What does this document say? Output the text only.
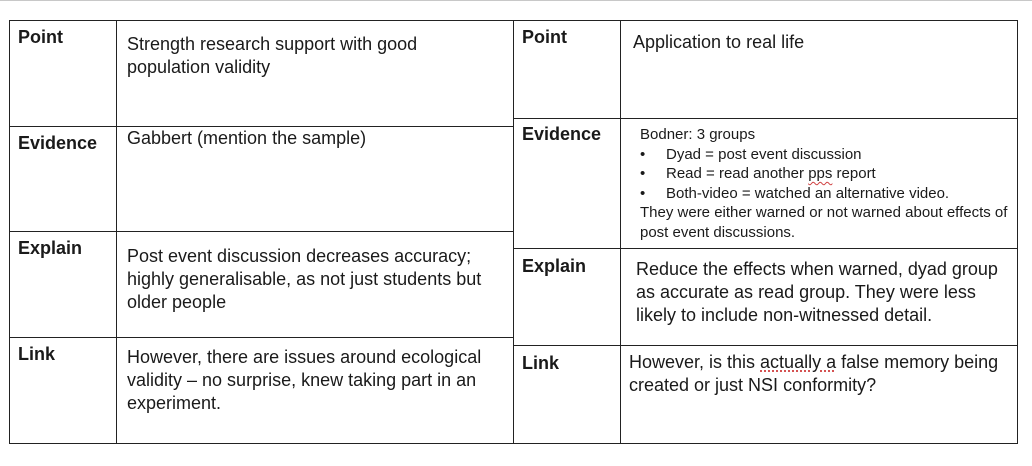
Point	Strength research support with good population validity
Evidence Gabbert (mention the sample)
Explain Post event discussion decreases accuracy; highly generalisable, as not just students but older people
Link	However, there are issues around ecological validity – no surprise, knew taking part in an experiment.
Point	Application to real life
Evidence	Bodner: 3 groups
• Dyad = post event discussion
• Read = read another pps report
• Both-video = watched an alternative video.
They were either warned or not warned about effects of post event discussions.
Explain	Reduce the effects when warned, dyad group as accurate as read group. They were less likely to include non-witnessed detail.
Link	However, is this actually a false memory being created or just NSI conformity?
